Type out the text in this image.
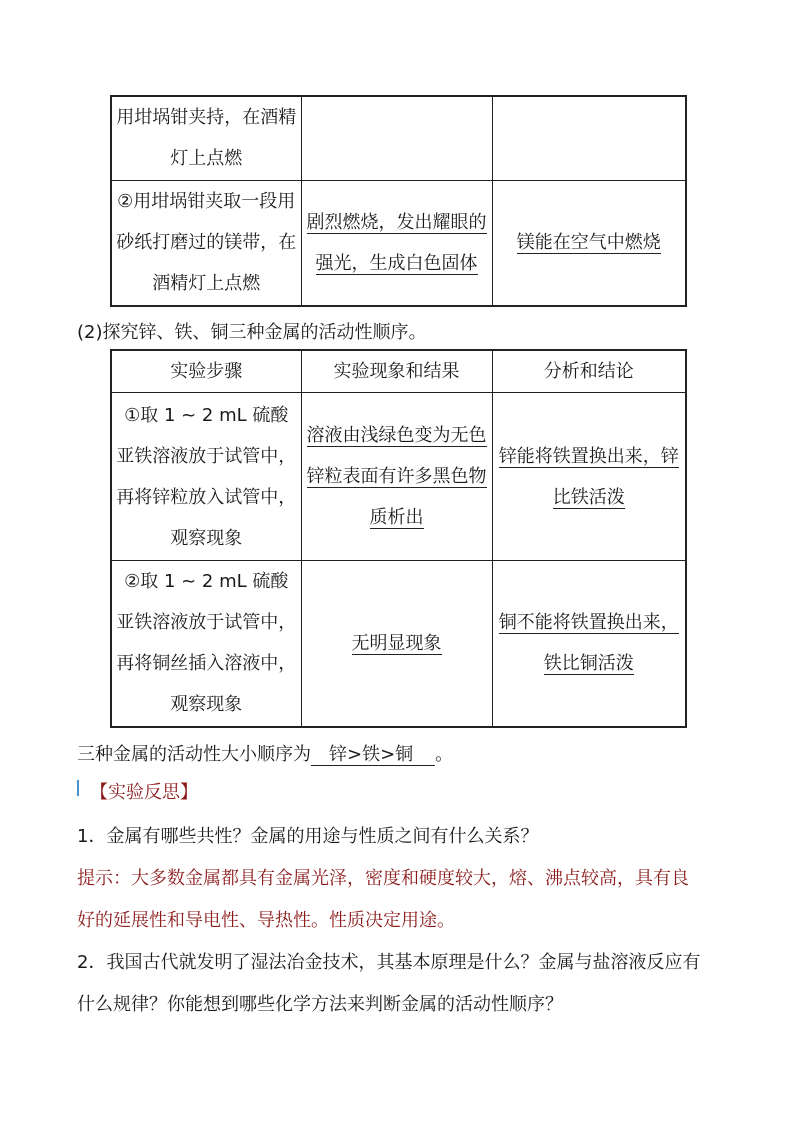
用坩埚钳夹持，在酒精灯上点燃		
②用坩埚钳夹取一段用砂纸打磨过的镁带，在酒精灯上点燃	剧烈燃烧，发出耀眼的强光，生成白色固体	镁能在空气中燃烧
(2)探究锌、铁、铜三种金属的活动性顺序。
实验步骤	实验现象和结果	分析和结论
①取 1 ~ 2 mL 硫酸亚铁溶液放于试管中，再将锌粒放入试管中，观察现象	溶液由浅绿色变为无色锌粒表面有许多黑色物质析出	锌能将铁置换出来，锌比铁活泼
②取 1 ~ 2 mL 硫酸亚铁溶液放于试管中，再将铜丝插入溶液中，观察现象	无明显现象	铜不能将铁置换出来，铁比铜活泼
三种金属的活动性大小顺序为 锌>铁>铜 。
【实验反思】
1．金属有哪些共性？金属的用途与性质之间有什么关系？
提示：大多数金属都具有金属光泽，密度和硬度较大，熔、沸点较高，具有良
好的延展性和导电性、导热性。性质决定用途。
2．我国古代就发明了湿法冶金技术，其基本原理是什么？金属与盐溶液反应有
什么规律？你能想到哪些化学方法来判断金属的活动性顺序？
